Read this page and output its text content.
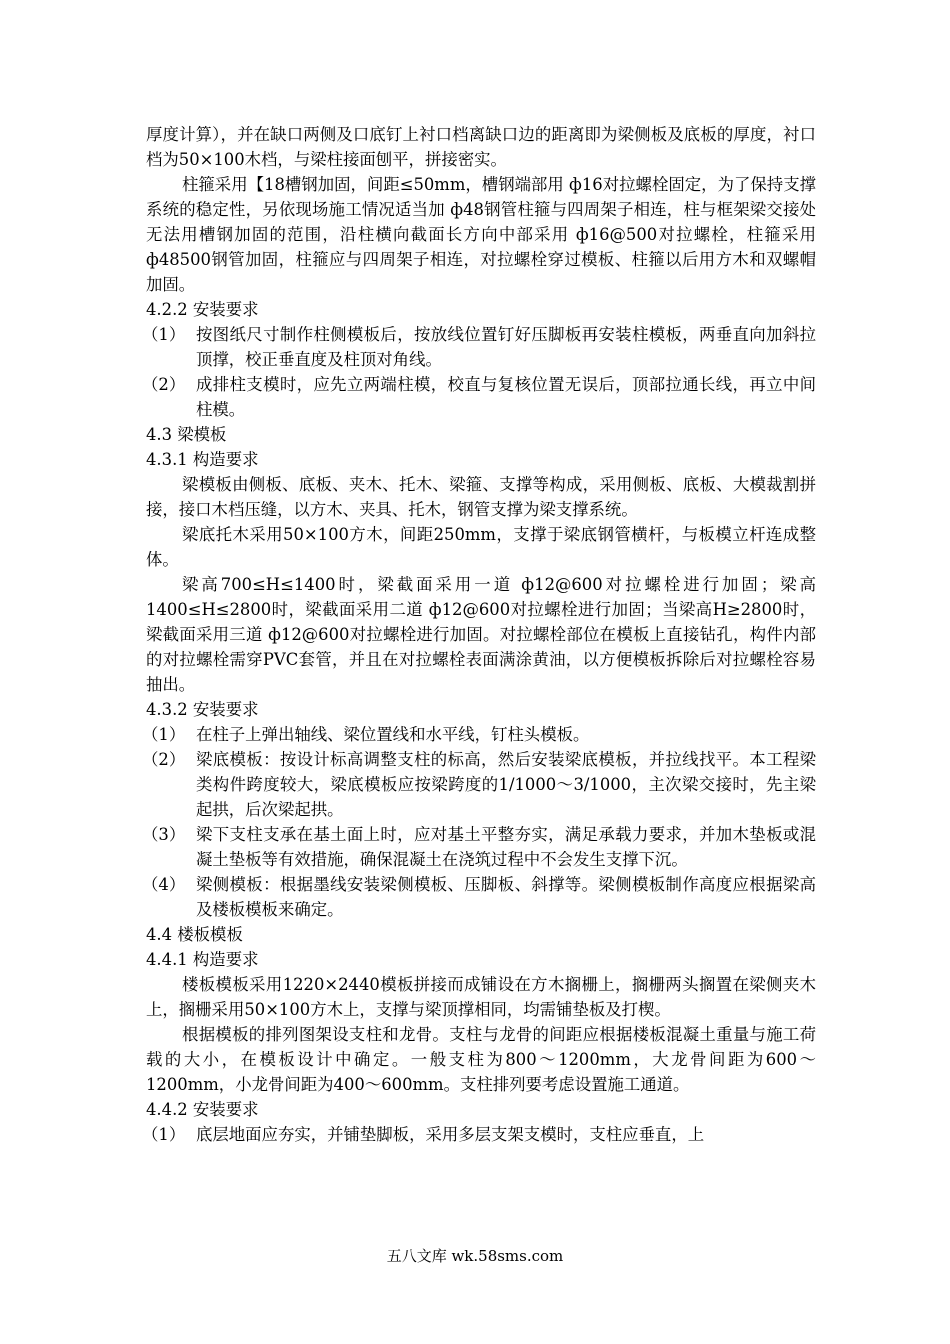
厚度计算），并在缺口两侧及口底钉上衬口档离缺口边的距离即为梁侧板及底板的厚度，衬口档为50×100木档，与梁柱接面刨平，拼接密实。
柱箍采用【18槽钢加固，间距≤50mm，槽钢端部用 ф16对拉螺栓固定，为了保持支撑系统的稳定性，另依现场施工情况适当加 ф48钢管柱箍与四周架子相连，柱与框架梁交接处无法用槽钢加固的范围，沿柱横向截面长方向中部采用 ф16@500对拉螺栓，柱箍采用 ф48500钢管加固，柱箍应与四周架子相连，对拉螺栓穿过模板、柱箍以后用方木和双螺帽加固。
4.2.2 安装要求
（1） 按图纸尺寸制作柱侧模板后，按放线位置钉好压脚板再安装柱模板，两垂直向加斜拉顶撑，校正垂直度及柱顶对角线。
（2） 成排柱支模时，应先立两端柱模，校直与复核位置无误后，顶部拉通长线，再立中间柱模。
4.3 梁模板
4.3.1 构造要求
梁模板由侧板、底板、夹木、托木、梁箍、支撑等构成，采用侧板、底板、大模裁割拼接，接口木档压缝，以方木、夹具、托木，钢管支撑为梁支撑系统。
梁底托木采用50×100方木，间距250mm，支撑于梁底钢管横杆，与板模立杆连成整体。
梁高700≤H≤1400时，梁截面采用一道 ф12@600对拉螺栓进行加固；梁高1400≤H≤2800时，梁截面采用二道 ф12@600对拉螺栓进行加固；当梁高H≥2800时，梁截面采用三道 ф12@600对拉螺栓进行加固。对拉螺栓部位在模板上直接钻孔，构件内部的对拉螺栓需穿PVC套管，并且在对拉螺栓表面满涂黄油，以方便模板拆除后对拉螺栓容易抽出。
4.3.2 安装要求
（1） 在柱子上弹出轴线、梁位置线和水平线，钉柱头模板。
（2） 梁底模板：按设计标高调整支柱的标高，然后安装梁底模板，并拉线找平。本工程梁类构件跨度较大，梁底模板应按梁跨度的1/1000～3/1000，主次梁交接时，先主梁起拱，后次梁起拱。
（3） 梁下支柱支承在基土面上时，应对基土平整夯实，满足承载力要求，并加木垫板或混凝土垫板等有效措施，确保混凝土在浇筑过程中不会发生支撑下沉。
（4） 梁侧模板：根据墨线安装梁侧模板、压脚板、斜撑等。梁侧模板制作高度应根据梁高及楼板模板来确定。
4.4 楼板模板
4.4.1 构造要求
楼板模板采用1220×2440模板拼接而成铺设在方木搁栅上，搁栅两头搁置在梁侧夹木上，搁栅采用50×100方木上，支撑与梁顶撑相同，均需铺垫板及打楔。
根据模板的排列图架设支柱和龙骨。支柱与龙骨的间距应根据楼板混凝土重量与施工荷载的大小，在模板设计中确定。一般支柱为800～1200mm，大龙骨间距为600～1200mm，小龙骨间距为400～600mm。支柱排列要考虑设置施工通道。
4.4.2 安装要求
（1） 底层地面应夯实，并铺垫脚板，采用多层支架支模时，支柱应垂直，上
五八文库 wk.58sms.com
